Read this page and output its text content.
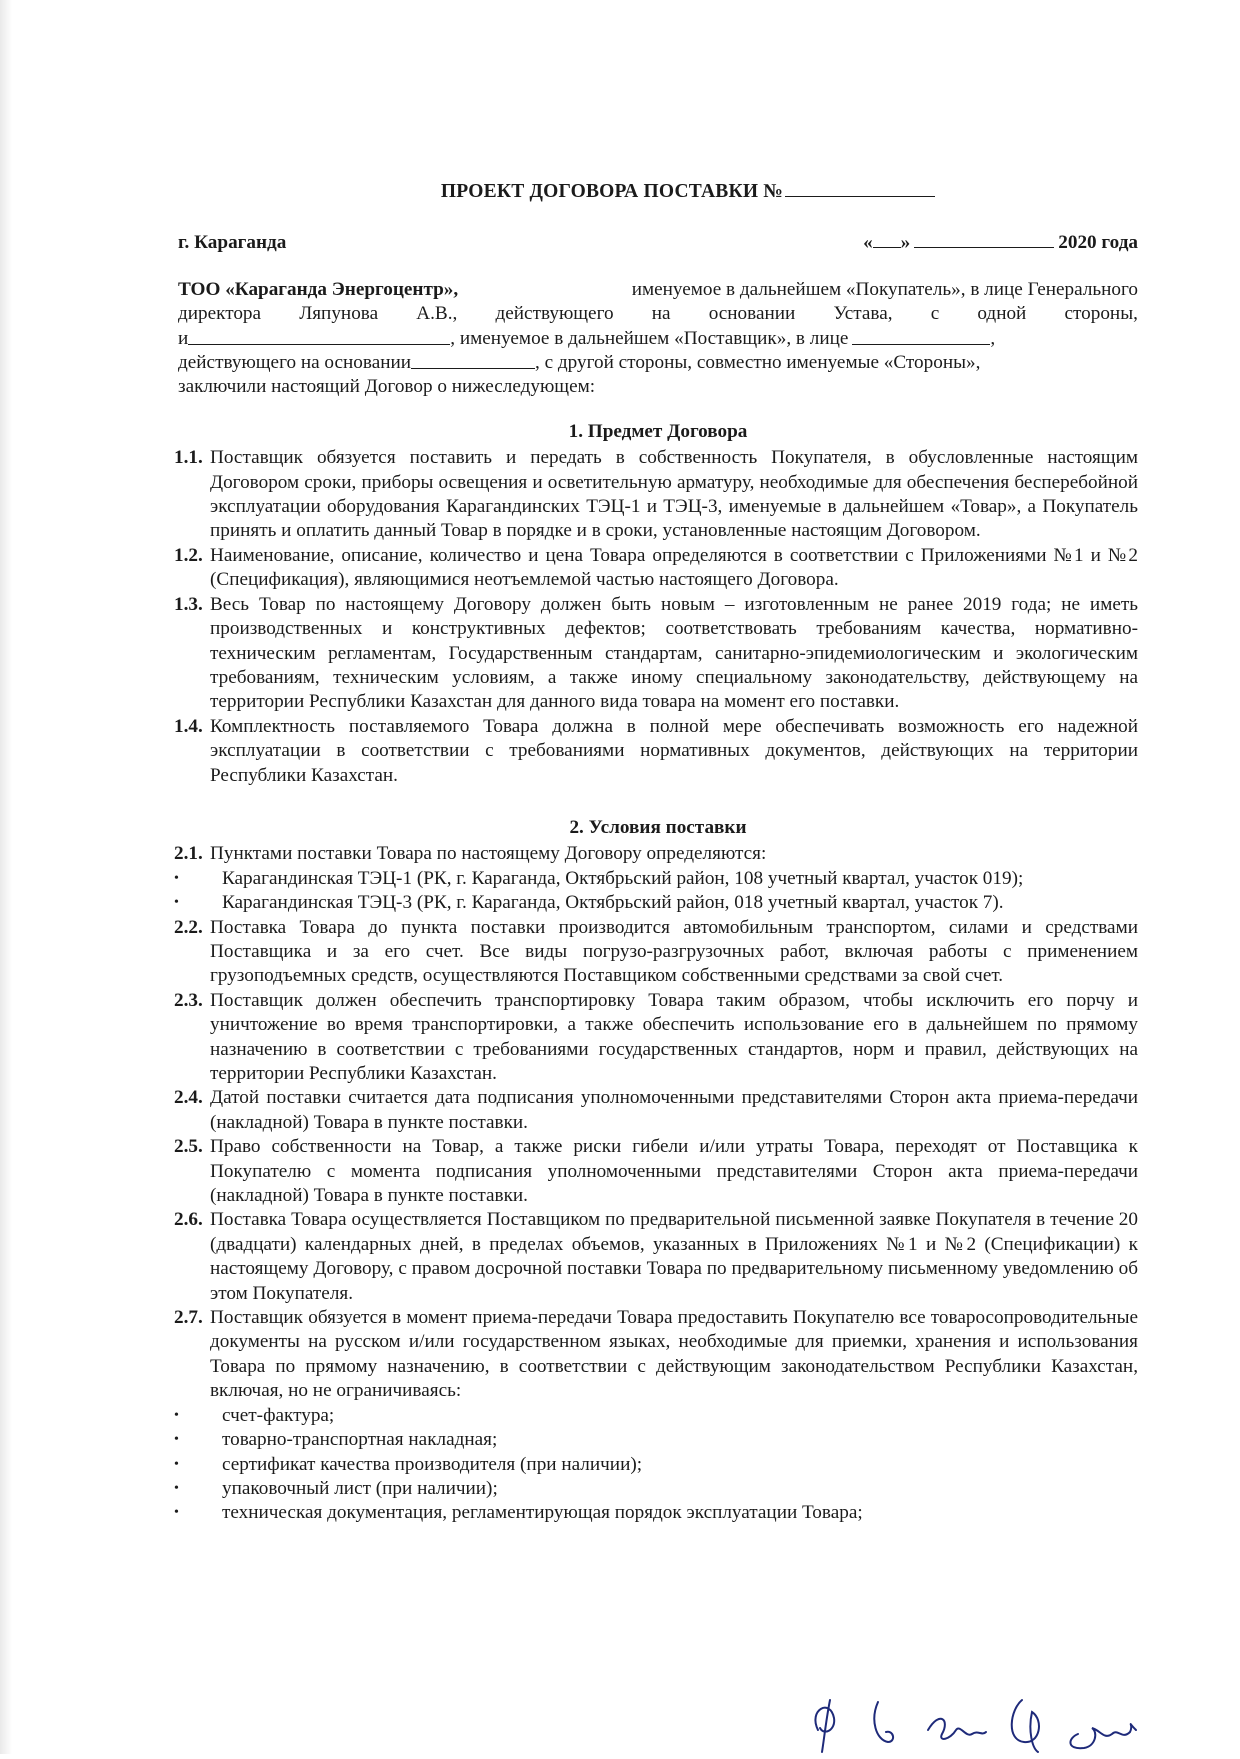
ПРОЕКТ ДОГОВОРА ПОСТАВКИ №
г. Караганда	« »	2020 года
ТОО «Караганда Энергоцентр»,	именуемое в дальнейшем «Покупатель», в лице Генерального
директора Ляпунова А.В., действующего на основании Устава, с одной стороны,
и	, именуемое в дальнейшем «Поставщик», в лице	,
действующего на основании	, с другой стороны, совместно именуемые «Стороны»,
заключили настоящий Договор о нижеследующем:
1. Предмет Договора
1.1. Поставщик обязуется поставить и передать в собственность Покупателя, в обусловленные настоящим Договором сроки, приборы освещения и осветительную арматуру, необходимые для обеспечения бесперебойной эксплуатации оборудования Карагандинских ТЭЦ-1 и ТЭЦ-3, именуемые в дальнейшем «Товар», а Покупатель принять и оплатить данный Товар в порядке и в сроки, установленные настоящим Договором.
1.2. Наименование, описание, количество и цена Товара определяются в соответствии с Приложениями №1 и №2 (Спецификация), являющимися неотъемлемой частью настоящего Договора.
1.3. Весь Товар по настоящему Договору должен быть новым – изготовленным не ранее 2019 года; не иметь производственных и конструктивных дефектов; соответствовать требованиям качества, нормативно-техническим регламентам, Государственным стандартам, санитарно-эпидемиологическим и экологическим требованиям, техническим условиям, а также иному специальному законодательству, действующему на территории Республики Казахстан для данного вида товара на момент его поставки.
1.4. Комплектность поставляемого Товара должна в полной мере обеспечивать возможность его надежной эксплуатации в соответствии с требованиями нормативных документов, действующих на территории Республики Казахстан.
2. Условия поставки
2.1. Пунктами поставки Товара по настоящему Договору определяются:
•	Карагандинская ТЭЦ-1 (РК, г. Караганда, Октябрьский район, 108 учетный квартал, участок 019);
•	Карагандинская ТЭЦ-3 (РК, г. Караганда, Октябрьский район, 018 учетный квартал, участок 7).
2.2. Поставка Товара до пункта поставки производится автомобильным транспортом, силами и средствами Поставщика и за его счет. Все виды погрузо-разгрузочных работ, включая работы с применением грузоподъемных средств, осуществляются Поставщиком собственными средствами за свой счет.
2.3. Поставщик должен обеспечить транспортировку Товара таким образом, чтобы исключить его порчу и уничтожение во время транспортировки, а также обеспечить использование его в дальнейшем по прямому назначению в соответствии с требованиями государственных стандартов, норм и правил, действующих на территории Республики Казахстан.
2.4. Датой поставки считается дата подписания уполномоченными представителями Сторон акта приема-передачи (накладной) Товара в пункте поставки.
2.5. Право собственности на Товар, а также риски гибели и/или утраты Товара, переходят от Поставщика к Покупателю с момента подписания уполномоченными представителями Сторон акта приема-передачи (накладной) Товара в пункте поставки.
2.6. Поставка Товара осуществляется Поставщиком по предварительной письменной заявке Покупателя в течение 20 (двадцати) календарных дней, в пределах объемов, указанных в Приложениях №1 и №2 (Спецификации) к настоящему Договору, с правом досрочной поставки Товара по предварительному письменному уведомлению об этом Покупателя.
2.7. Поставщик обязуется в момент приема-передачи Товара предоставить Покупателю все товаросопроводительные документы на русском и/или государственном языках, необходимые для приемки, хранения и использования Товара по прямому назначению, в соответствии с действующим законодательством Республики Казахстан, включая, но не ограничиваясь:
•	счет-фактура;
•	товарно-транспортная накладная;
•	сертификат качества производителя (при наличии);
•	упаковочный лист (при наличии);
•	техническая документация, регламентирующая порядок эксплуатации Товара;
